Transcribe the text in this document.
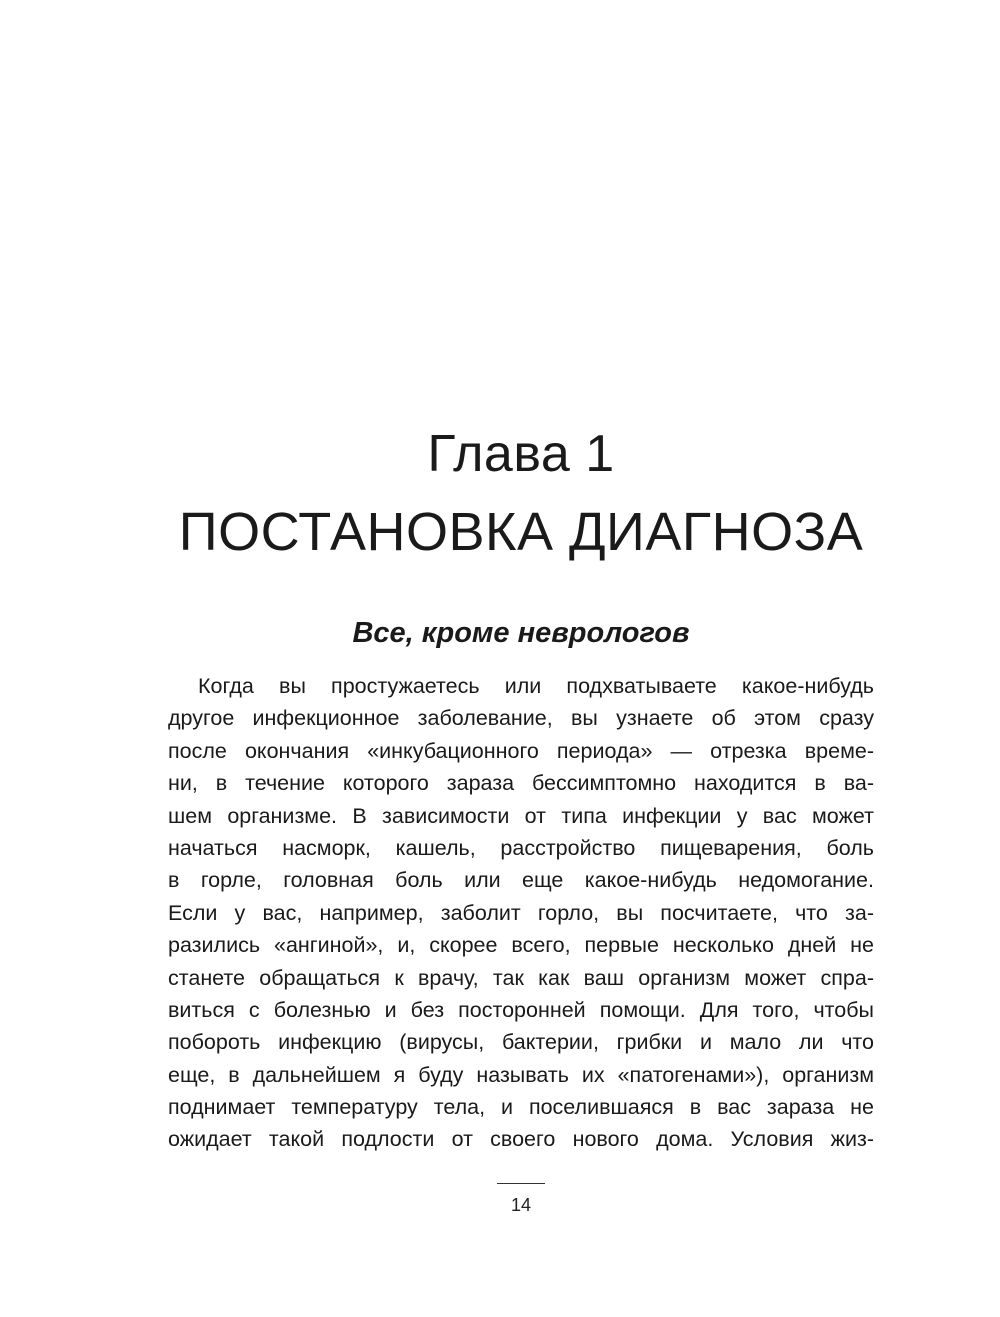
Глава 1
ПОСТАНОВКА ДИАГНОЗА
Все, кроме неврологов
Когда вы простужаетесь или подхватываете какое-нибудь
другое инфекционное заболевание, вы узнаете об этом сразу
после окончания «инкубационного периода» — отрезка време-
ни, в течение которого зараза бессимптомно находится в ва-
шем организме. В зависимости от типа инфекции у вас может
начаться насморк, кашель, расстройство пищеварения, боль
в горле, головная боль или еще какое-нибудь недомогание.
Если у вас, например, заболит горло, вы посчитаете, что за-
разились «ангиной», и, скорее всего, первые несколько дней не
станете обращаться к врачу, так как ваш организм может спра-
виться с болезнью и без посторонней помощи. Для того, чтобы
побороть инфекцию (вирусы, бактерии, грибки и мало ли что
еще, в дальнейшем я буду называть их «патогенами»), организм
поднимает температуру тела, и поселившаяся в вас зараза не
ожидает такой подлости от своего нового дома. Условия жиз-
14
